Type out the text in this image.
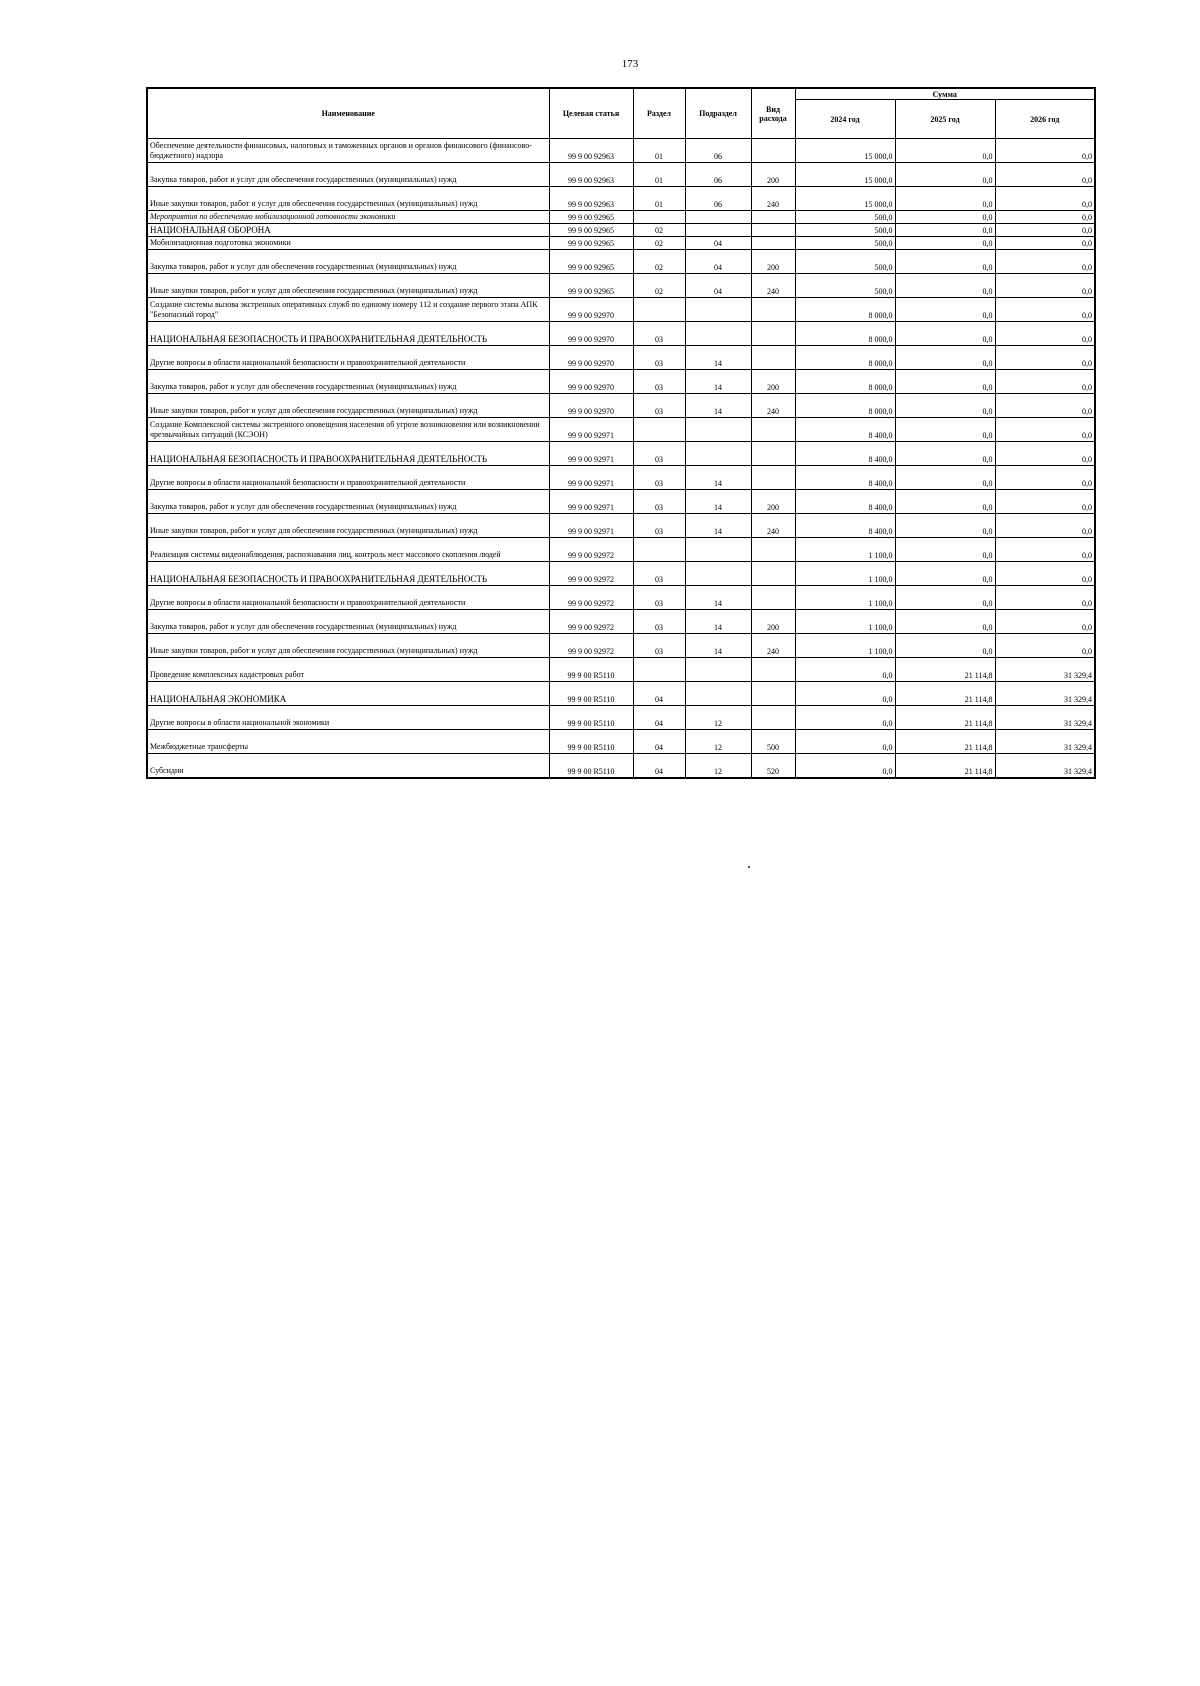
173
Наименование	Целевая статья	Раздел	Подраздел	Вид расхода	Сумма		
					2024 год	2025 год	2026 год
Обеспечение деятельности финансовых, налоговых и таможенных органов и органов финансового (финансово-бюджетного) надзора	99 9 00 92963	01	06		15 000,0	0,0	0,0
Закупка товаров, работ и услуг для обеспечения государственных (муниципальных) нужд	99 9 00 92963	01	06	200	15 000,0	0,0	0,0
Иные закупки товаров, работ и услуг для обеспечения государственных (муниципальных) нужд	99 9 00 92963	01	06	240	15 000,0	0,0	0,0
Мероприятия по обеспечению мобилизационной готовности экономики	99 9 00 92965				500,0	0,0	0,0
НАЦИОНАЛЬНАЯ ОБОРОНА	99 9 00 92965	02			500,0	0,0	0,0
Мобилизационная подготовка экономики	99 9 00 92965	02	04		500,0	0,0	0,0
Закупка товаров, работ и услуг для обеспечения государственных (муниципальных) нужд	99 9 00 92965	02	04	200	500,0	0,0	0,0
Иные закупки товаров, работ и услуг для обеспечения государственных (муниципальных) нужд	99 9 00 92965	02	04	240	500,0	0,0	0,0
Создание системы вызова экстренных оперативных служб по единому номеру 112 и создание первого этапа АПК "Безопасный город"	99 9 00 92970				8 000,0	0,0	0,0
НАЦИОНАЛЬНАЯ БЕЗОПАСНОСТЬ И ПРАВООХРАНИТЕЛЬНАЯ ДЕЯТЕЛЬНОСТЬ	99 9 00 92970	03			8 000,0	0,0	0,0
Другие вопросы в области национальной безопасности и правоохранительной деятельности	99 9 00 92970	03	14		8 000,0	0,0	0,0
Закупка товаров, работ и услуг для обеспечения государственных (муниципальных) нужд	99 9 00 92970	03	14	200	8 000,0	0,0	0,0
Иные закупки товаров, работ и услуг для обеспечения государственных (муниципальных) нужд	99 9 00 92970	03	14	240	8 000,0	0,0	0,0
Создание Комплексной системы экстренного оповещения населения об угрозе возникновения или возникновении чрезвычайных ситуаций (КСЭОН)	99 9 00 92971				8 400,0	0,0	0,0
НАЦИОНАЛЬНАЯ БЕЗОПАСНОСТЬ И ПРАВООХРАНИТЕЛЬНАЯ ДЕЯТЕЛЬНОСТЬ	99 9 00 92971	03			8 400,0	0,0	0,0
Другие вопросы в области национальной безопасности и правоохранительной деятельности	99 9 00 92971	03	14		8 400,0	0,0	0,0
Закупка товаров, работ и услуг для обеспечения государственных (муниципальных) нужд	99 9 00 92971	03	14	200	8 400,0	0,0	0,0
Иные закупки товаров, работ и услуг для обеспечения государственных (муниципальных) нужд	99 9 00 92971	03	14	240	8 400,0	0,0	0,0
Реализация системы видеонаблюдения, распознавания лиц, контроль мест массового скопления людей	99 9 00 92972				1 100,0	0,0	0,0
НАЦИОНАЛЬНАЯ БЕЗОПАСНОСТЬ И ПРАВООХРАНИТЕЛЬНАЯ ДЕЯТЕЛЬНОСТЬ	99 9 00 92972	03			1 100,0	0,0	0,0
Другие вопросы в области национальной безопасности и правоохранительной деятельности	99 9 00 92972	03	14		1 100,0	0,0	0,0
Закупка товаров, работ и услуг для обеспечения государственных (муниципальных) нужд	99 9 00 92972	03	14	200	1 100,0	0,0	0,0
Иные закупки товаров, работ и услуг для обеспечения государственных (муниципальных) нужд	99 9 00 92972	03	14	240	1 100,0	0,0	0,0
Проведение комплексных кадастровых работ	99 9 00 R5110				0,0	21 114,8	31 329,4
НАЦИОНАЛЬНАЯ ЭКОНОМИКА	99 9 00 R5110	04			0,0	21 114,8	31 329,4
Другие вопросы в области национальной экономики	99 9 00 R5110	04	12		0,0	21 114,8	31 329,4
Межбюджетные трансферты	99 9 00 R5110	04	12	500	0,0	21 114,8	31 329,4
Субсидии	99 9 00 R5110	04	12	520	0,0	21 114,8	31 329,4
